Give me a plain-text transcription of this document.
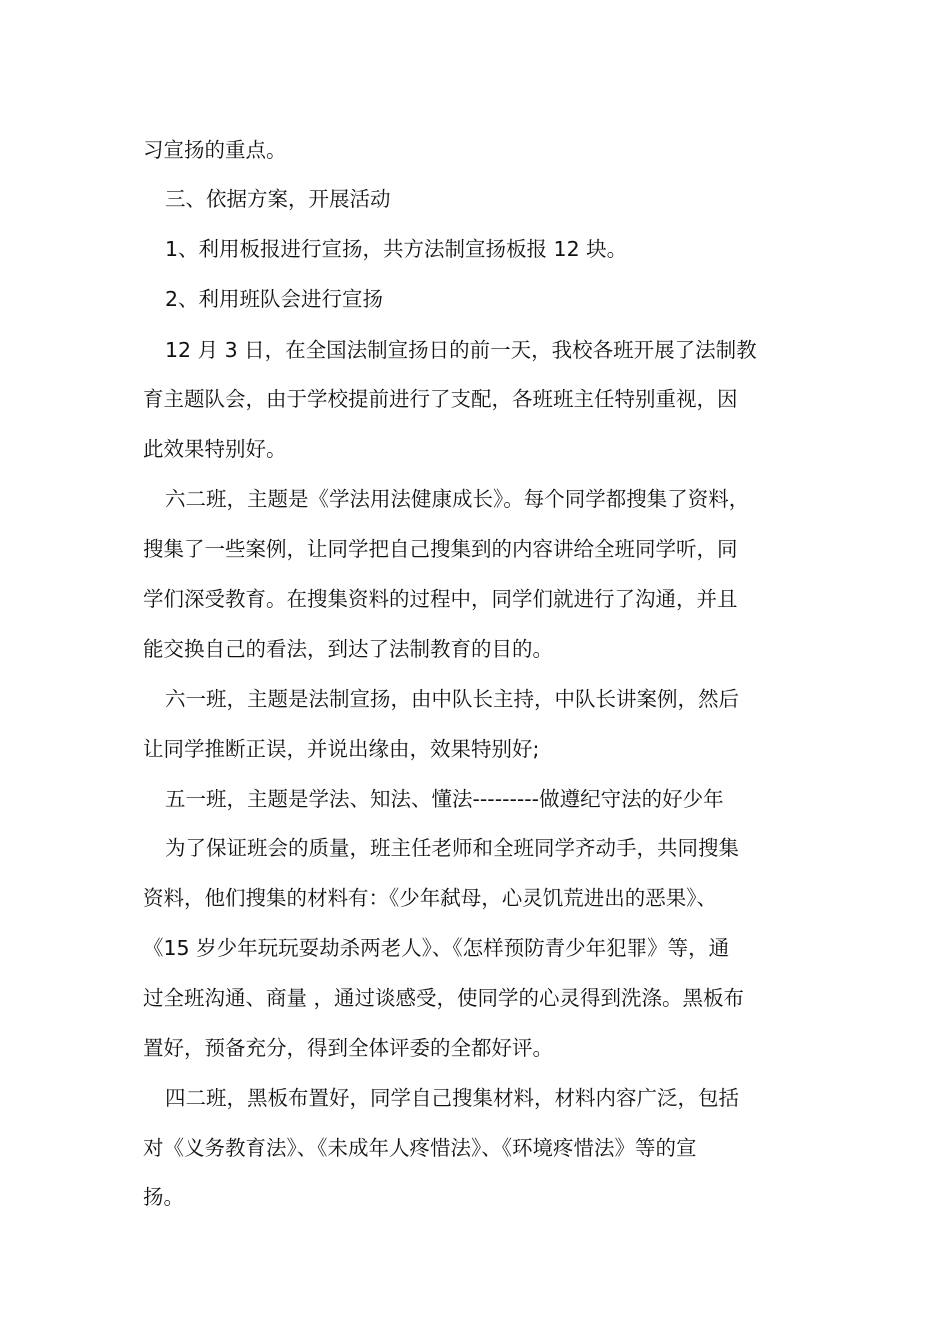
习宣扬的重点。
三、依据方案，开展活动
1、利用板报进行宣扬，共方法制宣扬板报 12 块。
2、利用班队会进行宣扬
12 月 3 日，在全国法制宣扬日的前一天，我校各班开展了法制教
育主题队会，由于学校提前进行了支配，各班班主任特别重视，因
此效果特别好。
六二班，主题是《学法用法健康成长》。每个同学都搜集了资料，
搜集了一些案例，让同学把自己搜集到的内容讲给全班同学听，同
学们深受教育。在搜集资料的过程中，同学们就进行了沟通，并且
能交换自己的看法，到达了法制教育的目的。
六一班，主题是法制宣扬，由中队长主持，中队长讲案例，然后
让同学推断正误，并说出缘由，效果特别好;
五一班，主题是学法、知法、懂法---------做遵纪守法的好少年
为了保证班会的质量，班主任老师和全班同学齐动手，共同搜集
资料，他们搜集的材料有：《少年弑母，心灵饥荒进出的恶果》、
《15 岁少年玩玩耍劫杀两老人》、《怎样预防青少年犯罪》等，通
过全班沟通、商量 ，通过谈感受，使同学的心灵得到洗涤。黑板布
置好，预备充分，得到全体评委的全都好评。
四二班，黑板布置好，同学自己搜集材料，材料内容广泛，包括
对《义务教育法》、《未成年人疼惜法》、《环境疼惜法》等的宣
扬。
